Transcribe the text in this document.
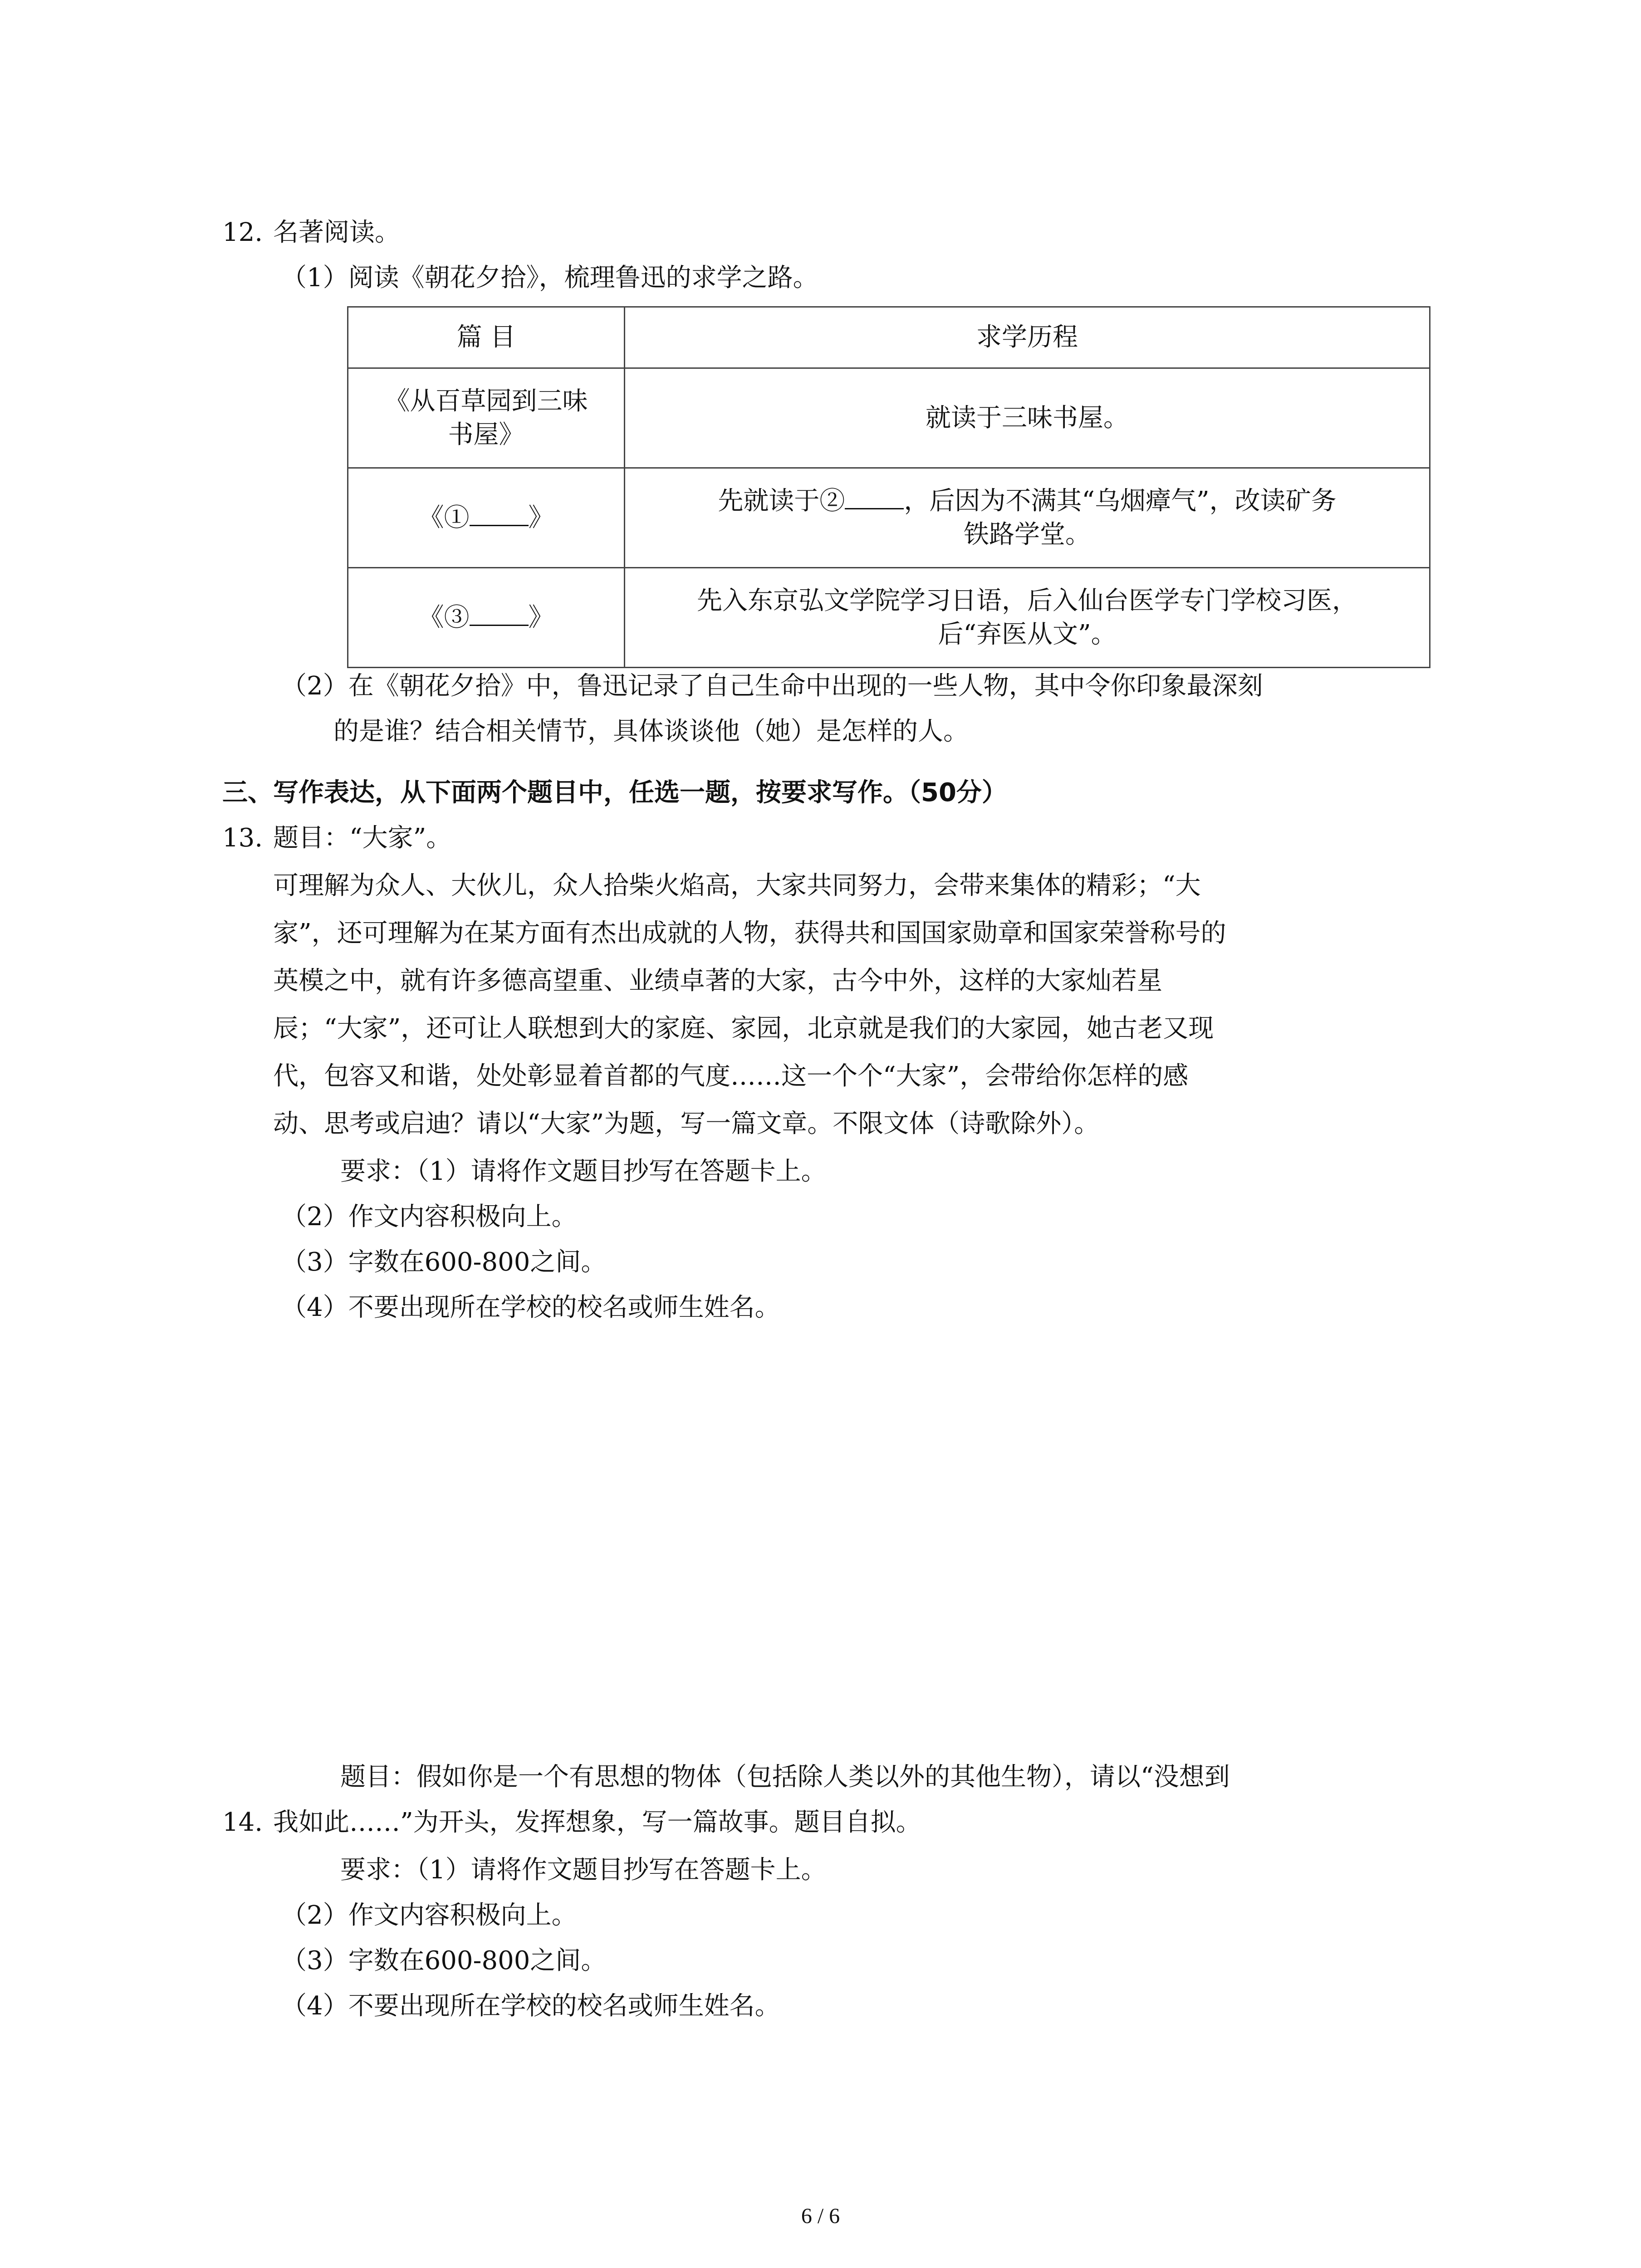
12. 名著阅读。
（1）阅读《朝花夕拾》，梳理鲁迅的求学之路。
篇 目	求学历程

《从百草园到三味
书屋》	就读于三味书屋。
《① 》	先就读于② ，后因为不满其“乌烟瘴气”，改读矿务
铁路学堂。

《③ 》	先入东京弘文学院学习日语，后入仙台医学专门学校习医，
后“弃医从文”。
（2）在《朝花夕拾》中，鲁迅记录了自己生命中出现的一些人物，其中令你印象最深刻
的是谁？结合相关情节，具体谈谈他（她）是怎样的人。
三、写作表达，从下面两个题目中，任选一题，按要求写作。（50分）
13. 题目：“大家”。
可理解为众人、大伙儿，众人拾柴火焰高，大家共同努力，会带来集体的精彩；“大
家”，还可理解为在某方面有杰出成就的人物，获得共和国国家勋章和国家荣誉称号的
英模之中，就有许多德高望重、业绩卓著的大家，古今中外，这样的大家灿若星
辰；“大家”，还可让人联想到大的家庭、家园，北京就是我们的大家园，她古老又现
代，包容又和谐，处处彰显着首都的气度……这一个个“大家”，会带给你怎样的感
动、思考或启迪？请以“大家”为题，写一篇文章。不限文体（诗歌除外）。
要求：（1）请将作文题目抄写在答题卡上。
（2）作文内容积极向上。
（3）字数在600-800之间。
（4）不要出现所在学校的校名或师生姓名。
题目：假如你是一个有思想的物体（包括除人类以外的其他生物），请以“没想到
14. 我如此……”为开头，发挥想象，写一篇故事。题目自拟。
要求：（1）请将作文题目抄写在答题卡上。
（2）作文内容积极向上。
（3）字数在600-800之间。
（4）不要出现所在学校的校名或师生姓名。
6 / 6
